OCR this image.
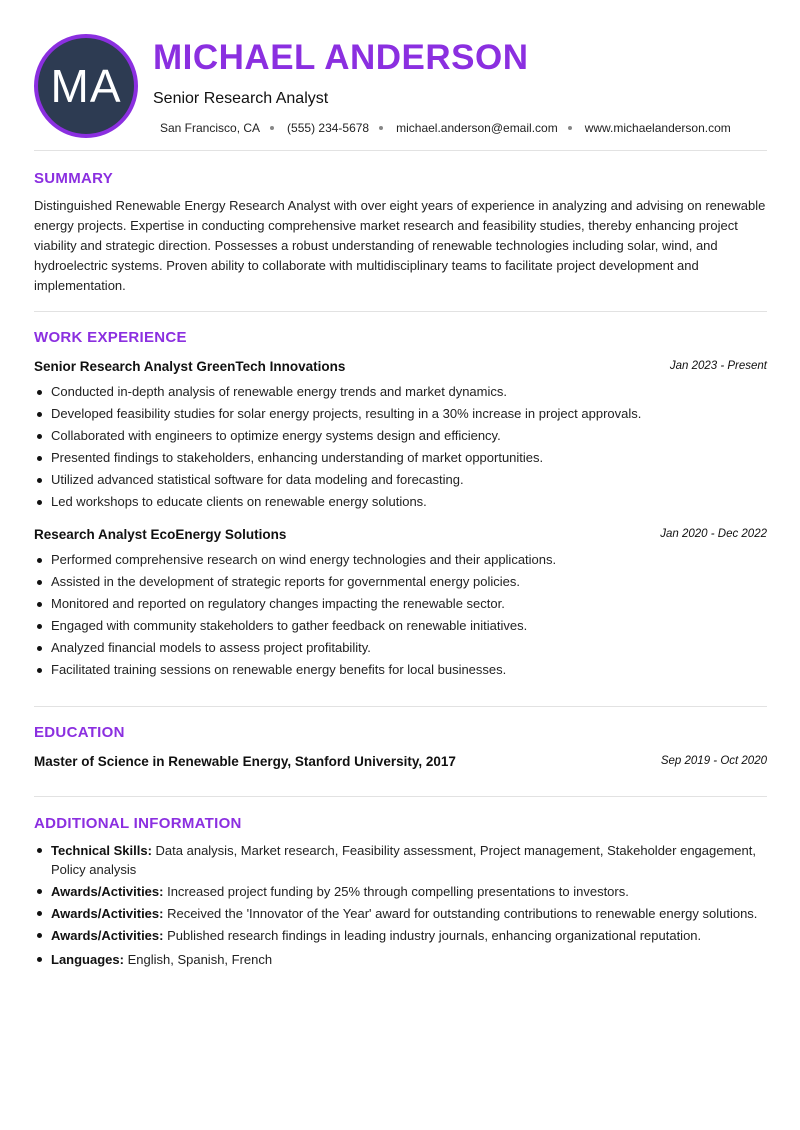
MA
MICHAEL ANDERSON
Senior Research Analyst
San Francisco, CA (555) 234-5678 michael.anderson@email.com www.michaelanderson.com
SUMMARY
Distinguished Renewable Energy Research Analyst with over eight years of experience in analyzing and advising on renewable energy projects. Expertise in conducting comprehensive market research and feasibility studies, thereby enhancing project viability and strategic direction. Possesses a robust understanding of renewable technologies including solar, wind, and hydroelectric systems. Proven ability to collaborate with multidisciplinary teams to facilitate project development and implementation.
WORK EXPERIENCE
Senior Research Analyst GreenTech Innovations	Jan 2023 - Present
Conducted in-depth analysis of renewable energy trends and market dynamics.
Developed feasibility studies for solar energy projects, resulting in a 30% increase in project approvals.
Collaborated with engineers to optimize energy systems design and efficiency.
Presented findings to stakeholders, enhancing understanding of market opportunities.
Utilized advanced statistical software for data modeling and forecasting.
Led workshops to educate clients on renewable energy solutions.
Research Analyst EcoEnergy Solutions	Jan 2020 - Dec 2022
Performed comprehensive research on wind energy technologies and their applications.
Assisted in the development of strategic reports for governmental energy policies.
Monitored and reported on regulatory changes impacting the renewable sector.
Engaged with community stakeholders to gather feedback on renewable initiatives.
Analyzed financial models to assess project profitability.
Facilitated training sessions on renewable energy benefits for local businesses.
EDUCATION
Master of Science in Renewable Energy, Stanford University, 2017	Sep 2019 - Oct 2020
ADDITIONAL INFORMATION
Technical Skills: Data analysis, Market research, Feasibility assessment, Project management, Stakeholder engagement, Policy analysis
Awards/Activities: Increased project funding by 25% through compelling presentations to investors.
Awards/Activities: Received the 'Innovator of the Year' award for outstanding contributions to renewable energy solutions.
Awards/Activities: Published research findings in leading industry journals, enhancing organizational reputation.
Languages: English, Spanish, French
